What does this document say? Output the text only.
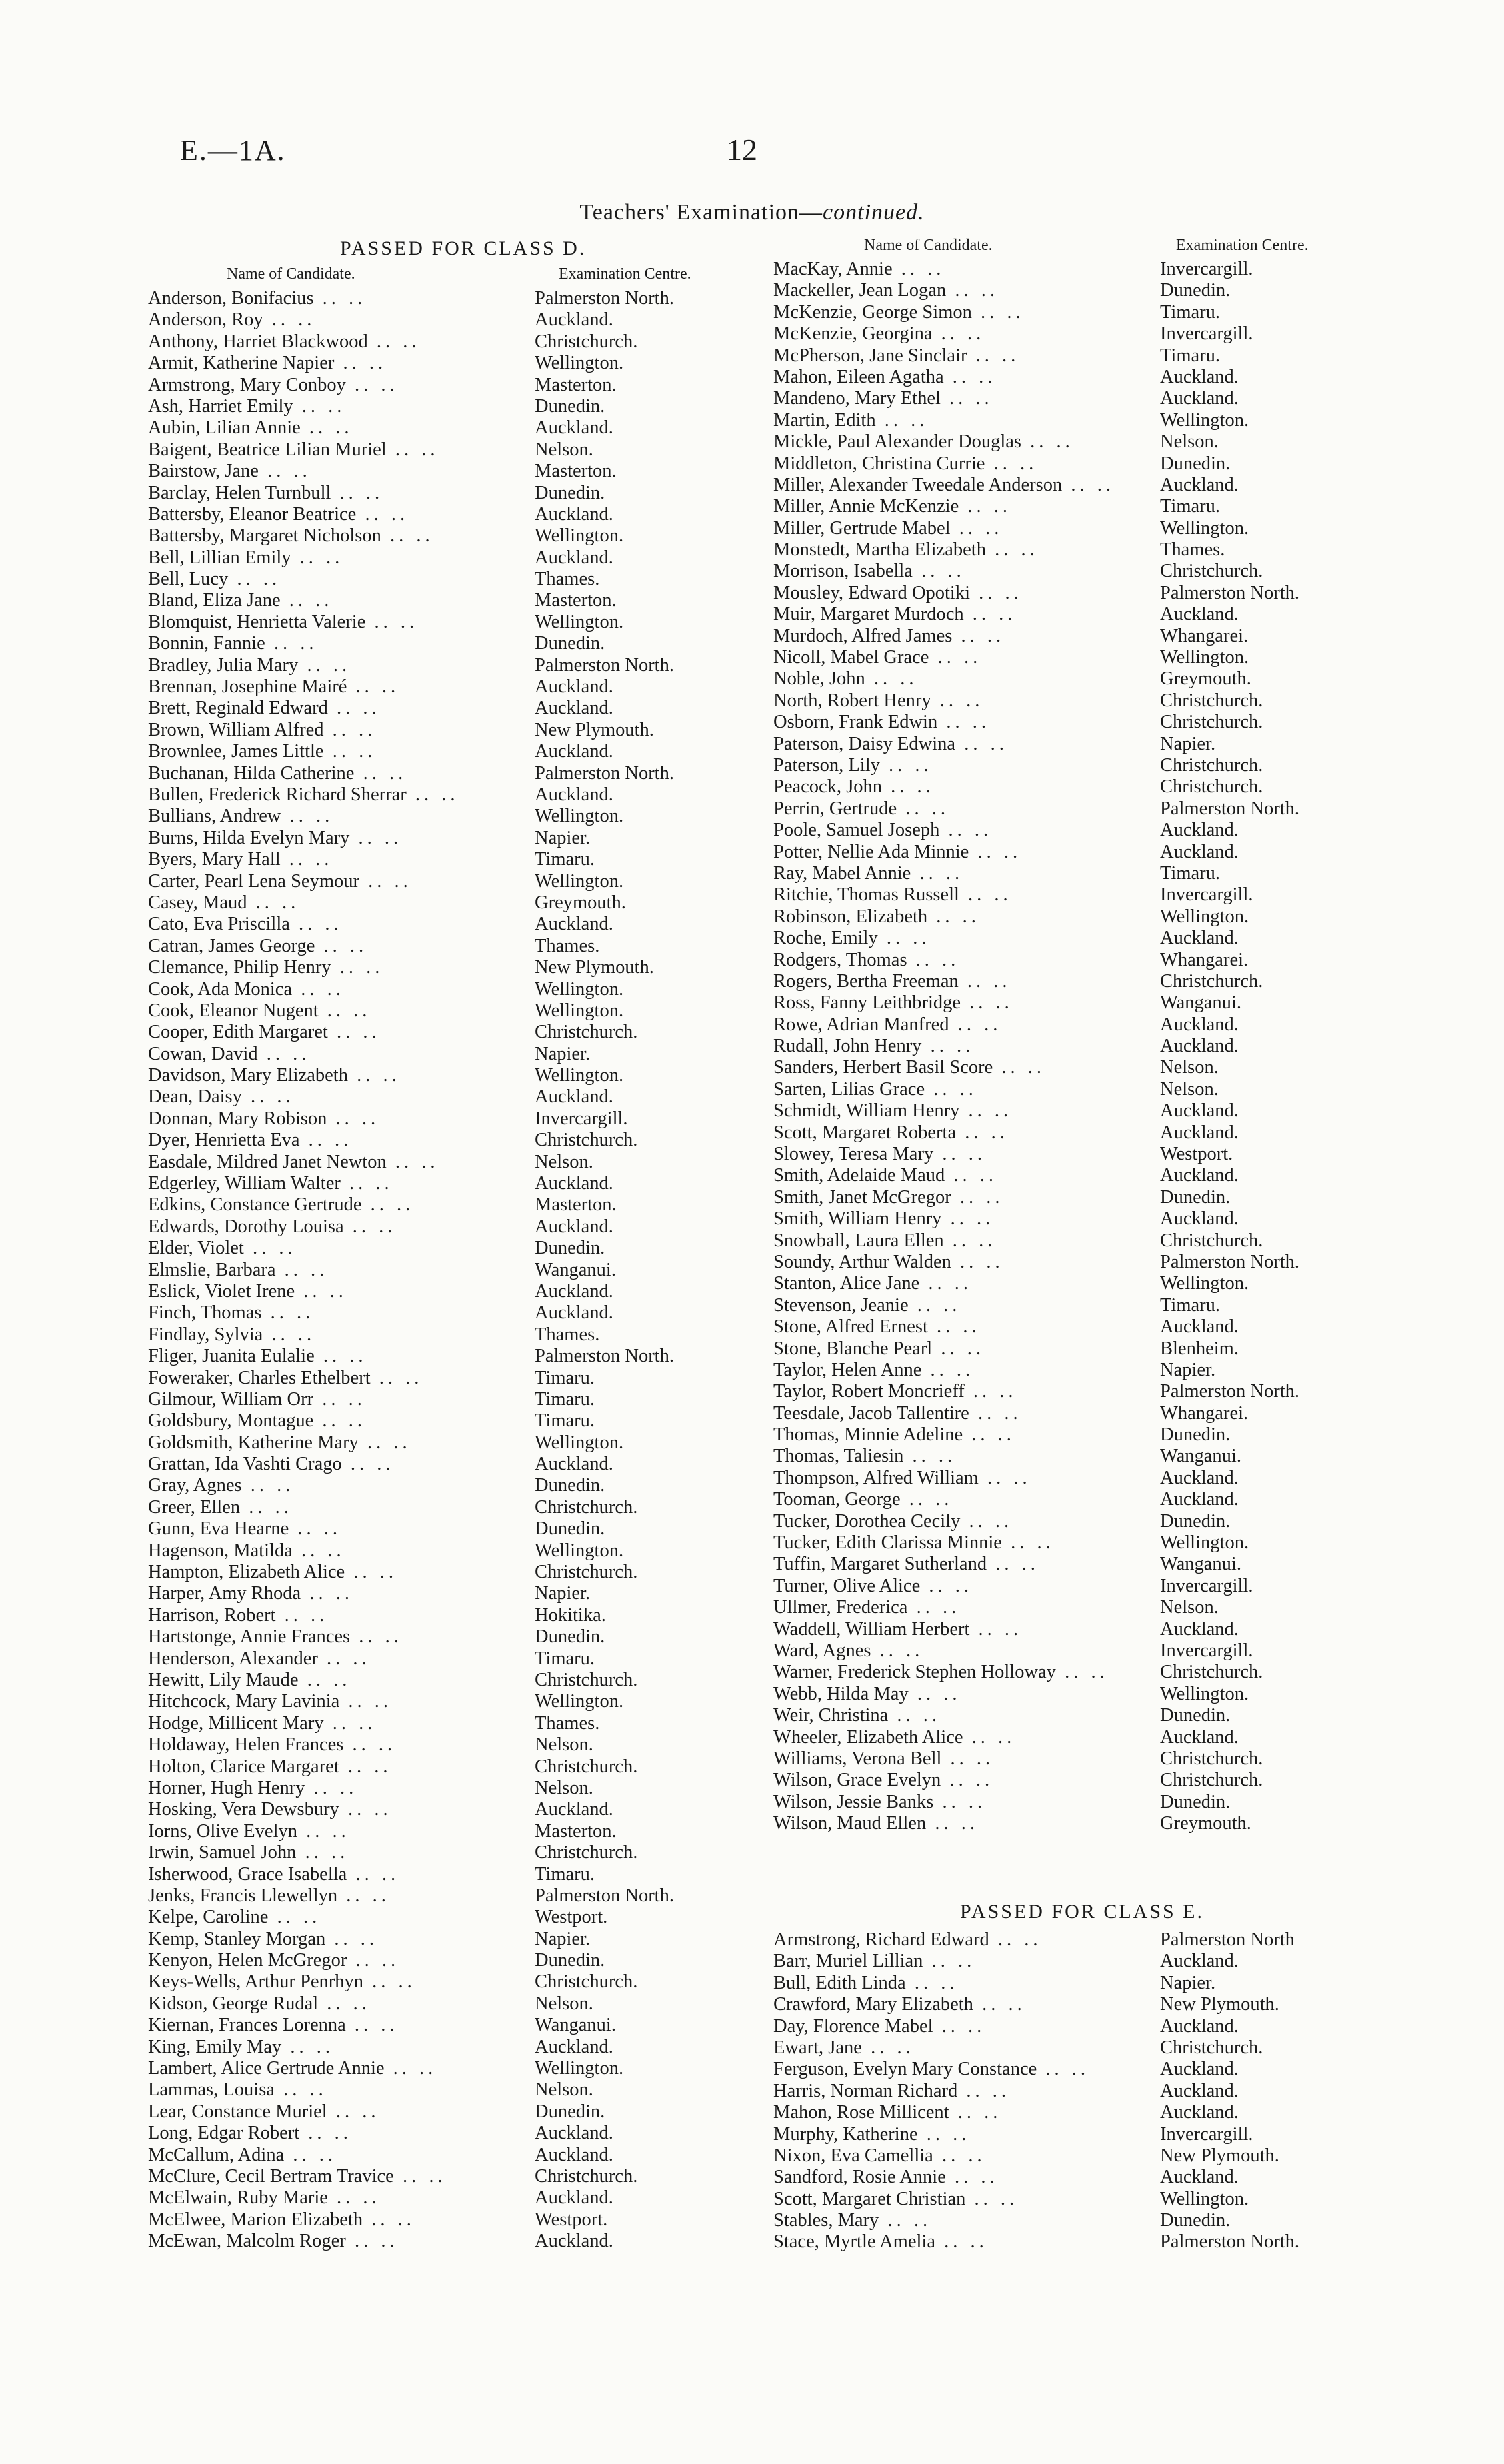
E.—1A.	12
Teachers' Examination—continued.
PASSED FOR CLASS D.
Name of Candidate.	Examination Centre.
Anderson, Bonifacius .. ..	Palmerston North.
Anderson, Roy .. ..	Auckland.
Anthony, Harriet Blackwood .. ..	Christchurch.
Armit, Katherine Napier .. ..	Wellington.
Armstrong, Mary Conboy .. ..	Masterton.
Ash, Harriet Emily .. ..	Dunedin.
Aubin, Lilian Annie .. ..	Auckland.
Baigent, Beatrice Lilian Muriel .. ..	Nelson.
Bairstow, Jane .. ..	Masterton.
Barclay, Helen Turnbull .. ..	Dunedin.
Battersby, Eleanor Beatrice .. ..	Auckland.
Battersby, Margaret Nicholson .. ..	Wellington.
Bell, Lillian Emily .. ..	Auckland.
Bell, Lucy .. ..	Thames.
Bland, Eliza Jane .. ..	Masterton.
Blomquist, Henrietta Valerie .. ..	Wellington.
Bonnin, Fannie .. ..	Dunedin.
Bradley, Julia Mary .. ..	Palmerston North.
Brennan, Josephine Mairé .. ..	Auckland.
Brett, Reginald Edward .. ..	Auckland.
Brown, William Alfred .. ..	New Plymouth.
Brownlee, James Little .. ..	Auckland.
Buchanan, Hilda Catherine .. ..	Palmerston North.
Bullen, Frederick Richard Sherrar .. ..	Auckland.
Bullians, Andrew .. ..	Wellington.
Burns, Hilda Evelyn Mary .. ..	Napier.
Byers, Mary Hall .. ..	Timaru.
Carter, Pearl Lena Seymour .. ..	Wellington.
Casey, Maud .. ..	Greymouth.
Cato, Eva Priscilla .. ..	Auckland.
Catran, James George .. ..	Thames.
Clemance, Philip Henry .. ..	New Plymouth.
Cook, Ada Monica .. ..	Wellington.
Cook, Eleanor Nugent .. ..	Wellington.
Cooper, Edith Margaret .. ..	Christchurch.
Cowan, David .. ..	Napier.
Davidson, Mary Elizabeth .. ..	Wellington.
Dean, Daisy .. ..	Auckland.
Donnan, Mary Robison .. ..	Invercargill.
Dyer, Henrietta Eva .. ..	Christchurch.
Easdale, Mildred Janet Newton .. ..	Nelson.
Edgerley, William Walter .. ..	Auckland.
Edkins, Constance Gertrude .. ..	Masterton.
Edwards, Dorothy Louisa .. ..	Auckland.
Elder, Violet .. ..	Dunedin.
Elmslie, Barbara .. ..	Wanganui.
Eslick, Violet Irene .. ..	Auckland.
Finch, Thomas .. ..	Auckland.
Findlay, Sylvia .. ..	Thames.
Fliger, Juanita Eulalie .. ..	Palmerston North.
Foweraker, Charles Ethelbert .. ..	Timaru.
Gilmour, William Orr .. ..	Timaru.
Goldsbury, Montague .. ..	Timaru.
Goldsmith, Katherine Mary .. ..	Wellington.
Grattan, Ida Vashti Crago .. ..	Auckland.
Gray, Agnes .. ..	Dunedin.
Greer, Ellen .. ..	Christchurch.
Gunn, Eva Hearne .. ..	Dunedin.
Hagenson, Matilda .. ..	Wellington.
Hampton, Elizabeth Alice .. ..	Christchurch.
Harper, Amy Rhoda .. ..	Napier.
Harrison, Robert .. ..	Hokitika.
Hartstonge, Annie Frances .. ..	Dunedin.
Henderson, Alexander .. ..	Timaru.
Hewitt, Lily Maude .. ..	Christchurch.
Hitchcock, Mary Lavinia .. ..	Wellington.
Hodge, Millicent Mary .. ..	Thames.
Holdaway, Helen Frances .. ..	Nelson.
Holton, Clarice Margaret .. ..	Christchurch.
Horner, Hugh Henry .. ..	Nelson.
Hosking, Vera Dewsbury .. ..	Auckland.
Iorns, Olive Evelyn .. ..	Masterton.
Irwin, Samuel John .. ..	Christchurch.
Isherwood, Grace Isabella .. ..	Timaru.
Jenks, Francis Llewellyn .. ..	Palmerston North.
Kelpe, Caroline .. ..	Westport.
Kemp, Stanley Morgan .. ..	Napier.
Kenyon, Helen McGregor .. ..	Dunedin.
Keys-Wells, Arthur Penrhyn .. ..	Christchurch.
Kidson, George Rudal .. ..	Nelson.
Kiernan, Frances Lorenna .. ..	Wanganui.
King, Emily May .. ..	Auckland.
Lambert, Alice Gertrude Annie .. ..	Wellington.
Lammas, Louisa .. ..	Nelson.
Lear, Constance Muriel .. ..	Dunedin.
Long, Edgar Robert .. ..	Auckland.
McCallum, Adina .. ..	Auckland.
McClure, Cecil Bertram Travice .. ..	Christchurch.
McElwain, Ruby Marie .. ..	Auckland.
McElwee, Marion Elizabeth .. ..	Westport.
McEwan, Malcolm Roger .. ..	Auckland.
Name of Candidate.	Examination Centre.
MacKay, Annie .. ..	Invercargill.
Mackeller, Jean Logan .. ..	Dunedin.
McKenzie, George Simon .. ..	Timaru.
McKenzie, Georgina .. ..	Invercargill.
McPherson, Jane Sinclair .. ..	Timaru.
Mahon, Eileen Agatha .. ..	Auckland.
Mandeno, Mary Ethel .. ..	Auckland.
Martin, Edith .. ..	Wellington.
Mickle, Paul Alexander Douglas .. ..	Nelson.
Middleton, Christina Currie .. ..	Dunedin.
Miller, Alexander Tweedale Anderson .. ..	Auckland.
Miller, Annie McKenzie .. ..	Timaru.
Miller, Gertrude Mabel .. ..	Wellington.
Monstedt, Martha Elizabeth .. ..	Thames.
Morrison, Isabella .. ..	Christchurch.
Mousley, Edward Opotiki .. ..	Palmerston North.
Muir, Margaret Murdoch .. ..	Auckland.
Murdoch, Alfred James .. ..	Whangarei.
Nicoll, Mabel Grace .. ..	Wellington.
Noble, John .. ..	Greymouth.
North, Robert Henry .. ..	Christchurch.
Osborn, Frank Edwin .. ..	Christchurch.
Paterson, Daisy Edwina .. ..	Napier.
Paterson, Lily .. ..	Christchurch.
Peacock, John .. ..	Christchurch.
Perrin, Gertrude .. ..	Palmerston North.
Poole, Samuel Joseph .. ..	Auckland.
Potter, Nellie Ada Minnie .. ..	Auckland.
Ray, Mabel Annie .. ..	Timaru.
Ritchie, Thomas Russell .. ..	Invercargill.
Robinson, Elizabeth .. ..	Wellington.
Roche, Emily .. ..	Auckland.
Rodgers, Thomas .. ..	Whangarei.
Rogers, Bertha Freeman .. ..	Christchurch.
Ross, Fanny Leithbridge .. ..	Wanganui.
Rowe, Adrian Manfred .. ..	Auckland.
Rudall, John Henry .. ..	Auckland.
Sanders, Herbert Basil Score .. ..	Nelson.
Sarten, Lilias Grace .. ..	Nelson.
Schmidt, William Henry .. ..	Auckland.
Scott, Margaret Roberta .. ..	Auckland.
Slowey, Teresa Mary .. ..	Westport.
Smith, Adelaide Maud .. ..	Auckland.
Smith, Janet McGregor .. ..	Dunedin.
Smith, William Henry .. ..	Auckland.
Snowball, Laura Ellen .. ..	Christchurch.
Soundy, Arthur Walden .. ..	Palmerston North.
Stanton, Alice Jane .. ..	Wellington.
Stevenson, Jeanie .. ..	Timaru.
Stone, Alfred Ernest .. ..	Auckland.
Stone, Blanche Pearl .. ..	Blenheim.
Taylor, Helen Anne .. ..	Napier.
Taylor, Robert Moncrieff .. ..	Palmerston North.
Teesdale, Jacob Tallentire .. ..	Whangarei.
Thomas, Minnie Adeline .. ..	Dunedin.
Thomas, Taliesin .. ..	Wanganui.
Thompson, Alfred William .. ..	Auckland.
Tooman, George .. ..	Auckland.
Tucker, Dorothea Cecily .. ..	Dunedin.
Tucker, Edith Clarissa Minnie .. ..	Wellington.
Tuffin, Margaret Sutherland .. ..	Wanganui.
Turner, Olive Alice .. ..	Invercargill.
Ullmer, Frederica .. ..	Nelson.
Waddell, William Herbert .. ..	Auckland.
Ward, Agnes .. ..	Invercargill.
Warner, Frederick Stephen Holloway .. ..	Christchurch.
Webb, Hilda May .. ..	Wellington.
Weir, Christina .. ..	Dunedin.
Wheeler, Elizabeth Alice .. ..	Auckland.
Williams, Verona Bell .. ..	Christchurch.
Wilson, Grace Evelyn .. ..	Christchurch.
Wilson, Jessie Banks .. ..	Dunedin.
Wilson, Maud Ellen .. ..	Greymouth.
PASSED FOR CLASS E.
Armstrong, Richard Edward .. ..	Palmerston North
Barr, Muriel Lillian .. ..	Auckland.
Bull, Edith Linda .. ..	Napier.
Crawford, Mary Elizabeth .. ..	New Plymouth.
Day, Florence Mabel .. ..	Auckland.
Ewart, Jane .. ..	Christchurch.
Ferguson, Evelyn Mary Constance .. ..	Auckland.
Harris, Norman Richard .. ..	Auckland.
Mahon, Rose Millicent .. ..	Auckland.
Murphy, Katherine .. ..	Invercargill.
Nixon, Eva Camellia .. ..	New Plymouth.
Sandford, Rosie Annie .. ..	Auckland.
Scott, Margaret Christian .. ..	Wellington.
Stables, Mary .. ..	Dunedin.
Stace, Myrtle Amelia .. ..	Palmerston North.
